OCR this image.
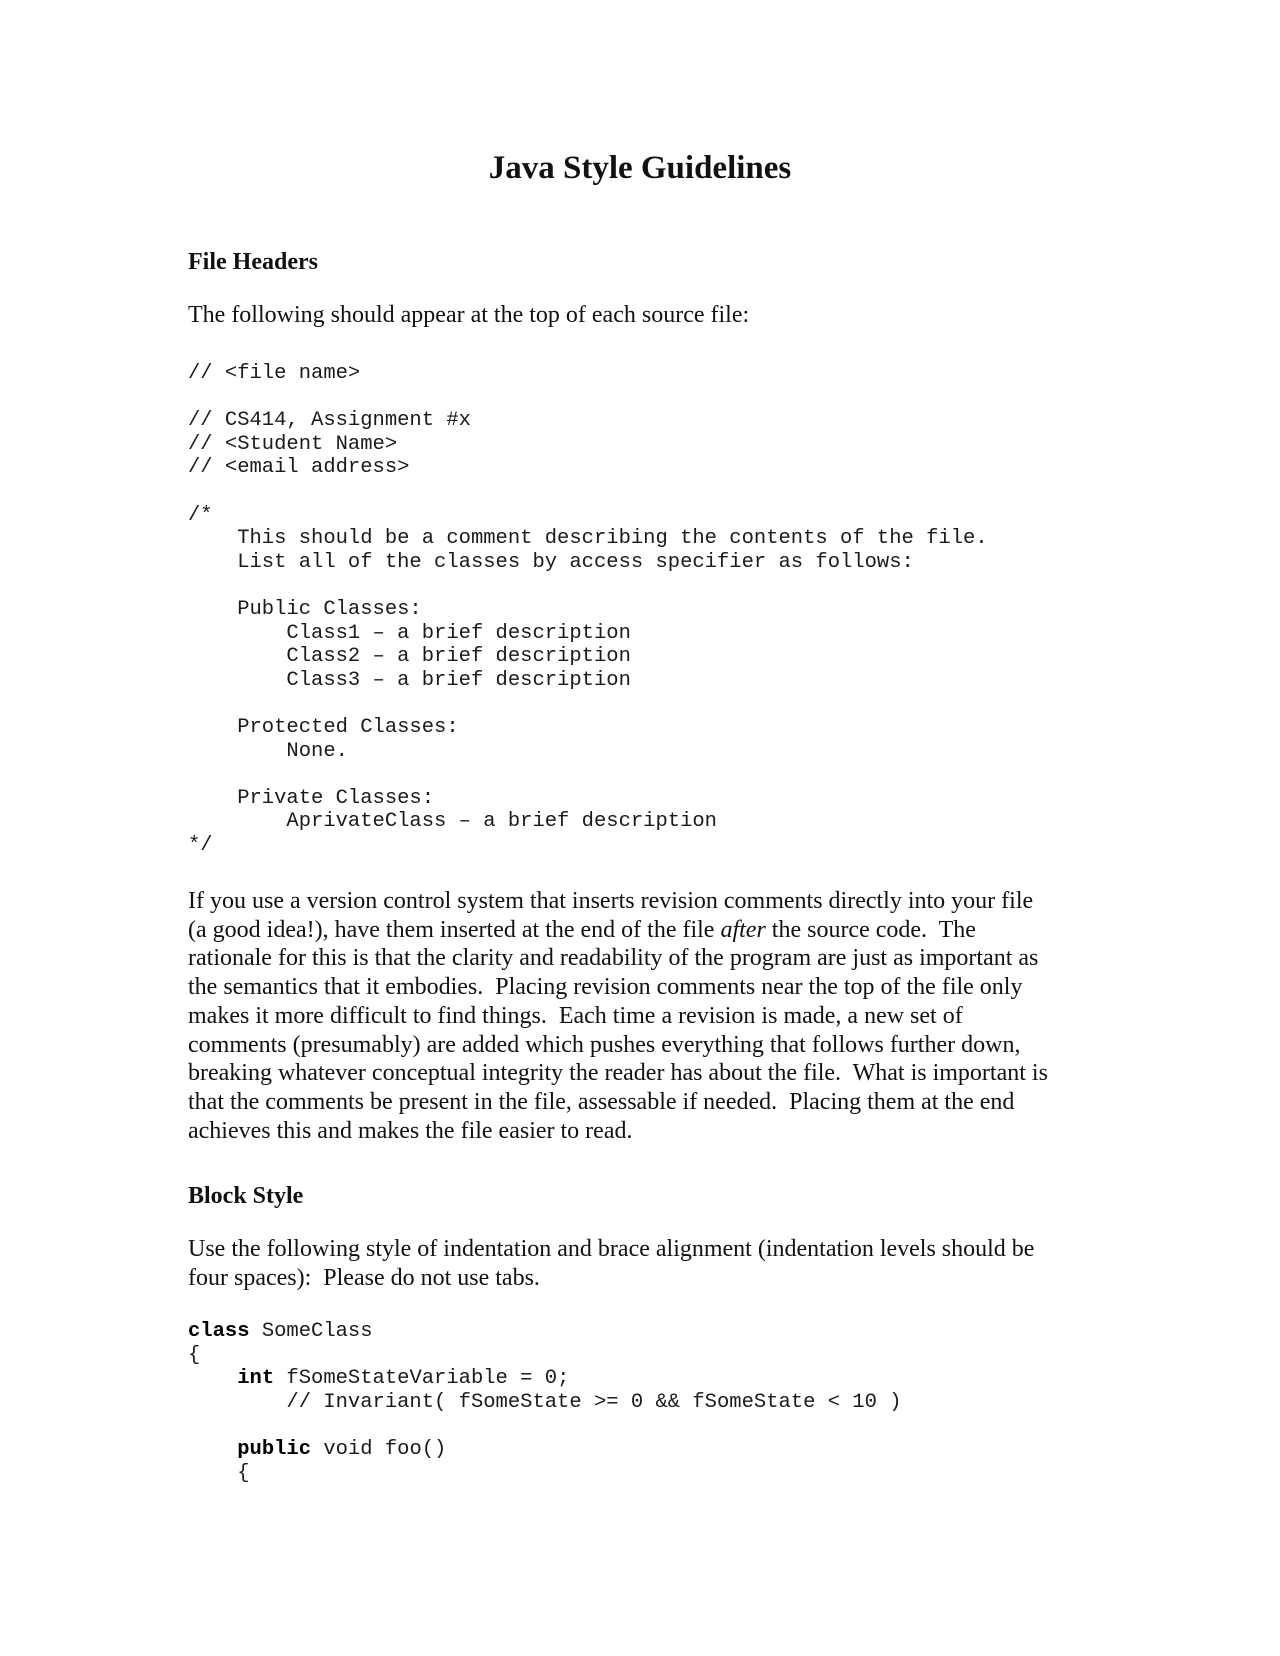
Java Style Guidelines
File Headers

The following should appear at the top of each source file:

// <file name>
// CS414, Assignment #x
// <Student Name>
// <email address>
/*
This should be a comment describing the contents of the file.
List all of the classes by access specifier as follows:
Public Classes:
Class1 – a brief description
Class2 – a brief description
Class3 – a brief description
Protected Classes:
None.
Private Classes:
AprivateClass – a brief description
*/

If you use a version control system that inserts revision comments directly into your file
(a good idea!), have them inserted at the end of the file after the source code.  The
rationale for this is that the clarity and readability of the program are just as important as
the semantics that it embodies.  Placing revision comments near the top of the file only
makes it more difficult to find things.  Each time a revision is made, a new set of
comments (presumably) are added which pushes everything that follows further down,
breaking whatever conceptual integrity the reader has about the file.  What is important is
that the comments be present in the file, assessable if needed.  Placing them at the end
achieves this and makes the file easier to read.

Block Style

Use the following style of indentation and brace alignment (indentation levels should be
four spaces):  Please do not use tabs.

class SomeClass
{
int fSomeStateVariable = 0;
// Invariant( fSomeState >= 0 && fSomeState < 10 )
public void foo()
{
